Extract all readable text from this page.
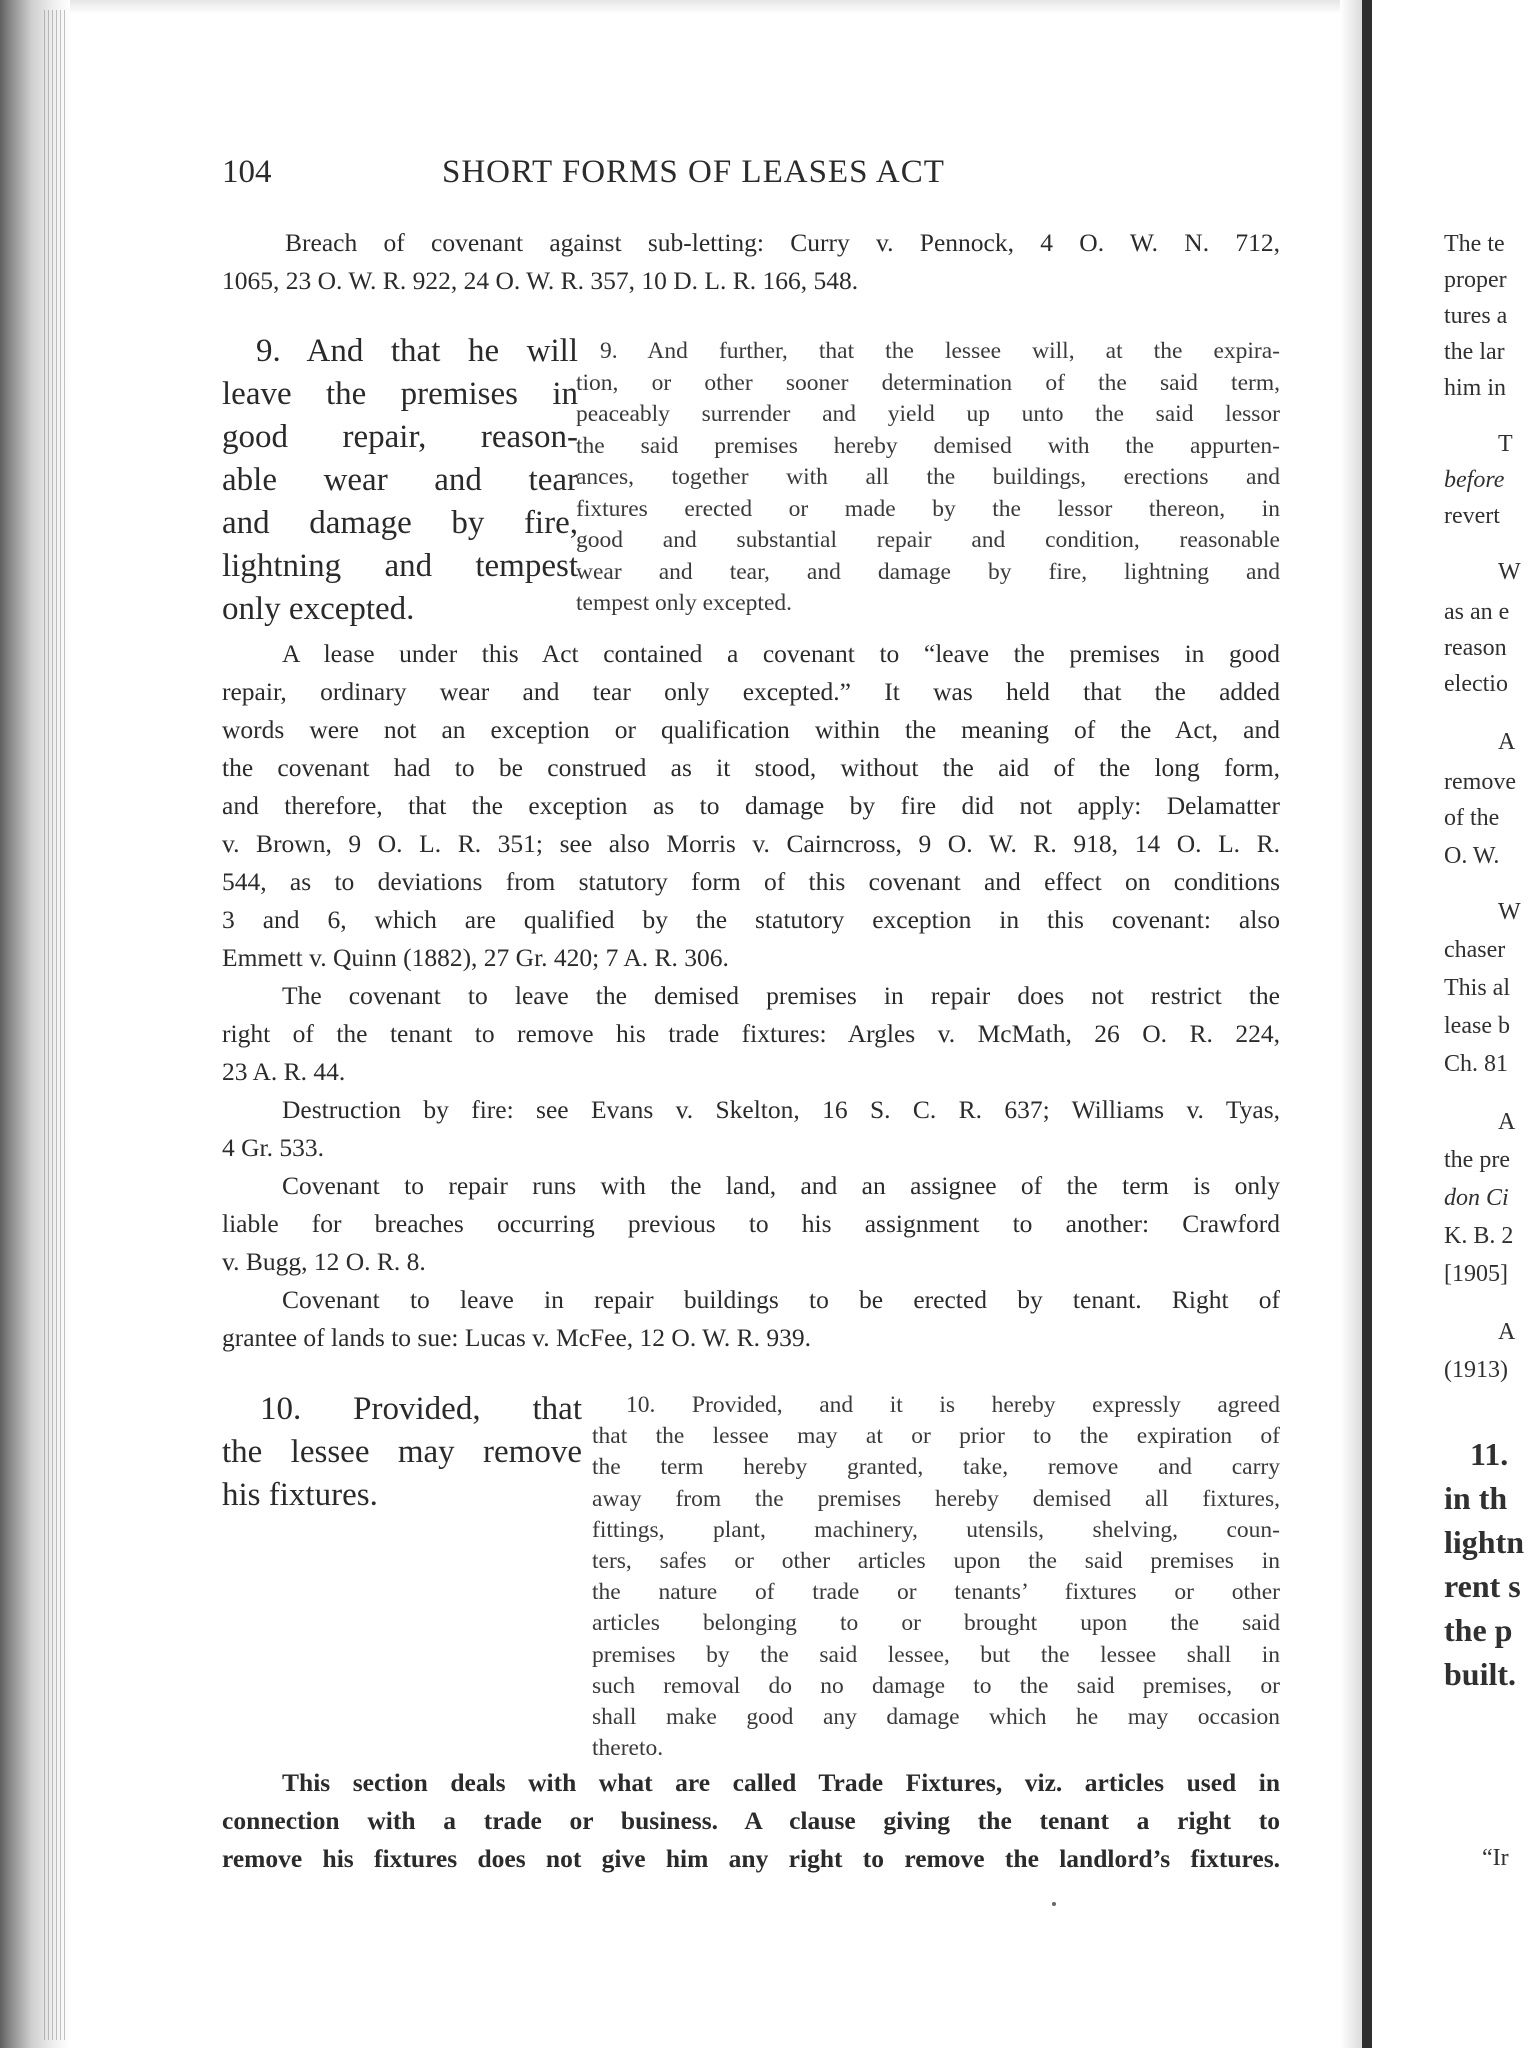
104	SHORT FORMS OF LEASES ACT
Breach of covenant against sub-letting: Curry v. Pennock, 4 O. W. N. 712,
1065, 23 O. W. R. 922, 24 O. W. R. 357, 10 D. L. R. 166, 548.
9. And that he will
leave the premises in
good repair, reason-
able wear and tear
and damage by fire,
lightning and tempest
only excepted.
9. And further, that the lessee will, at the expira-
tion, or other sooner determination of the said term,
peaceably surrender and yield up unto the said lessor
the said premises hereby demised with the appurten-
ances, together with all the buildings, erections and
fixtures erected or made by the lessor thereon, in
good and substantial repair and condition, reasonable
wear and tear, and damage by fire, lightning and
tempest only excepted.
A lease under this Act contained a covenant to “leave the premises in good
repair, ordinary wear and tear only excepted.” It was held that the added
words were not an exception or qualification within the meaning of the Act, and
the covenant had to be construed as it stood, without the aid of the long form,
and therefore, that the exception as to damage by fire did not apply: Delamatter
v. Brown, 9 O. L. R. 351; see also Morris v. Cairncross, 9 O. W. R. 918, 14 O. L. R.
544, as to deviations from statutory form of this covenant and effect on conditions
3 and 6, which are qualified by the statutory exception in this covenant: also
Emmett v. Quinn (1882), 27 Gr. 420; 7 A. R. 306.
The covenant to leave the demised premises in repair does not restrict the
right of the tenant to remove his trade fixtures: Argles v. McMath, 26 O. R. 224,
23 A. R. 44.
Destruction by fire: see Evans v. Skelton, 16 S. C. R. 637; Williams v. Tyas,
4 Gr. 533.
Covenant to repair runs with the land, and an assignee of the term is only
liable for breaches occurring previous to his assignment to another: Crawford
v. Bugg, 12 O. R. 8.
Covenant to leave in repair buildings to be erected by tenant. Right of
grantee of lands to sue: Lucas v. McFee, 12 O. W. R. 939.
10. Provided, that
the lessee may remove
his fixtures.
10. Provided, and it is hereby expressly agreed
that the lessee may at or prior to the expiration of
the term hereby granted, take, remove and carry
away from the premises hereby demised all fixtures,
fittings, plant, machinery, utensils, shelving, coun-
ters, safes or other articles upon the said premises in
the nature of trade or tenants’ fixtures or other
articles belonging to or brought upon the said
premises by the said lessee, but the lessee shall in
such removal do no damage to the said premises, or
shall make good any damage which he may occasion
thereto.
This section deals with what are called Trade Fixtures, viz. articles used in
connection with a trade or business. A clause giving the tenant a right to
remove his fixtures does not give him any right to remove the landlord’s fixtures.
The te
proper
tures a
the lar
him in
T
before
revert
W
as an e
reason
electio
A
remove
of the
O. W.
W
chaser
This al
lease b
Ch. 81
A
the pre
don Ci
K. B. 2
[1905]
A
(1913)
11.
in th
lightn
rent s
the p
built.
“Ir
